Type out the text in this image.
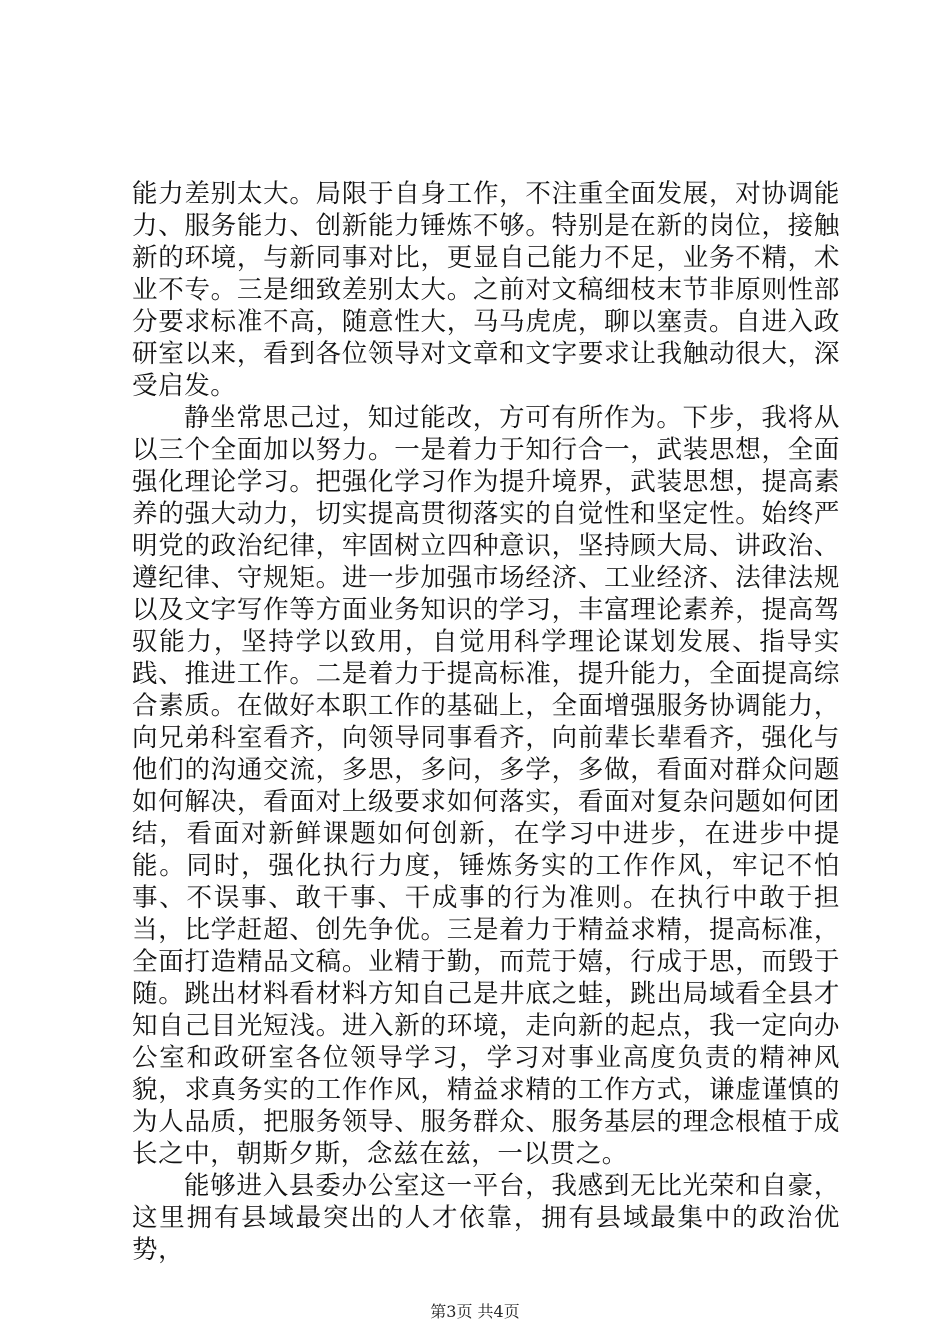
能力差别太大。局限于自身工作，不注重全面发展，对协调能力、服务能力、创新能力锤炼不够。特别是在新的岗位，接触新的环境，与新同事对比，更显自己能力不足，业务不精，术业不专。三是细致差别太大。之前对文稿细枝末节非原则性部分要求标准不高，随意性大，马马虎虎，聊以塞责。自进入政研室以来，看到各位领导对文章和文字要求让我触动很大，深受启发。

静坐常思己过，知过能改，方可有所作为。下步，我将从以三个全面加以努力。一是着力于知行合一，武装思想，全面强化理论学习。把强化学习作为提升境界，武装思想，提高素养的强大动力，切实提高贯彻落实的自觉性和坚定性。始终严明党的政治纪律，牢固树立四种意识，坚持顾大局、讲政治、遵纪律、守规矩。进一步加强市场经济、工业经济、法律法规以及文字写作等方面业务知识的学习，丰富理论素养，提高驾驭能力，坚持学以致用，自觉用科学理论谋划发展、指导实践、推进工作。二是着力于提高标准，提升能力，全面提高综合素质。在做好本职工作的基础上，全面增强服务协调能力，向兄弟科室看齐，向领导同事看齐，向前辈长辈看齐，强化与他们的沟通交流，多思，多问，多学，多做，看面对群众问题如何解决，看面对上级要求如何落实，看面对复杂问题如何团结，看面对新鲜课题如何创新，在学习中进步，在进步中提能。同时，强化执行力度，锤炼务实的工作作风，牢记不怕事、不误事、敢干事、干成事的行为准则。在执行中敢于担当，比学赶超、创先争优。三是着力于精益求精，提高标准，全面打造精品文稿。业精于勤，而荒于嬉，行成于思，而毁于随。跳出材料看材料方知自己是井底之蛙，跳出局域看全县才知自己目光短浅。进入新的环境，走向新的起点，我一定向办公室和政研室各位领导学习，学习对事业高度负责的精神风貌，求真务实的工作作风，精益求精的工作方式，谦虚谨慎的为人品质，把服务领导、服务群众、服务基层的理念根植于成长之中，朝斯夕斯，念兹在兹，一以贯之。

能够进入县委办公室这一平台，我感到无比光荣和自豪，这里拥有县域最突出的人才依靠，拥有县域最集中的政治优势，

第3页 共4页
